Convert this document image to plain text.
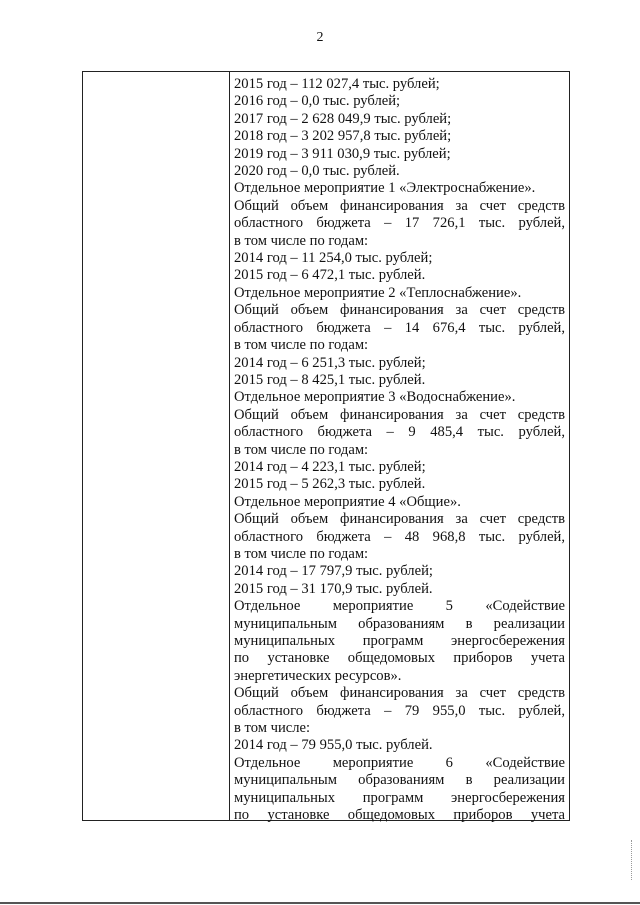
2
2015 год – 112 027,4 тыс. рублей;
2016 год – 0,0 тыс. рублей;
2017 год – 2 628 049,9 тыс. рублей;
2018 год – 3 202 957,8 тыс. рублей;
2019 год – 3 911 030,9 тыс. рублей;
2020 год – 0,0 тыс. рублей.
Отдельное мероприятие 1 «Электроснабжение».
Общий объем финансирования за счет средств
областного бюджета – 17 726,1 тыс. рублей,
в том числе по годам:
2014 год – 11 254,0 тыс. рублей;
2015 год – 6 472,1 тыс. рублей.
Отдельное мероприятие 2 «Теплоснабжение».
Общий объем финансирования за счет средств
областного бюджета – 14 676,4 тыс. рублей,
в том числе по годам:
2014 год – 6 251,3 тыс. рублей;
2015 год – 8 425,1 тыс. рублей.
Отдельное мероприятие 3 «Водоснабжение».
Общий объем финансирования за счет средств
областного бюджета – 9 485,4 тыс. рублей,
в том числе по годам:
2014 год – 4 223,1 тыс. рублей;
2015 год – 5 262,3 тыс. рублей.
Отдельное мероприятие 4 «Общие».
Общий объем финансирования за счет средств
областного бюджета – 48 968,8 тыс. рублей,
в том числе по годам:
2014 год – 17 797,9 тыс. рублей;
2015 год – 31 170,9 тыс. рублей.
Отдельное мероприятие 5 «Содействие
муниципальным образованиям в реализации
муниципальных программ энергосбережения
по установке общедомовых приборов учета
энергетических ресурсов».
Общий объем финансирования за счет средств
областного бюджета – 79 955,0 тыс. рублей,
в том числе:
2014 год – 79 955,0 тыс. рублей.
Отдельное мероприятие 6 «Содействие
муниципальным образованиям в реализации
муниципальных программ энергосбережения
по установке общедомовых приборов учета
